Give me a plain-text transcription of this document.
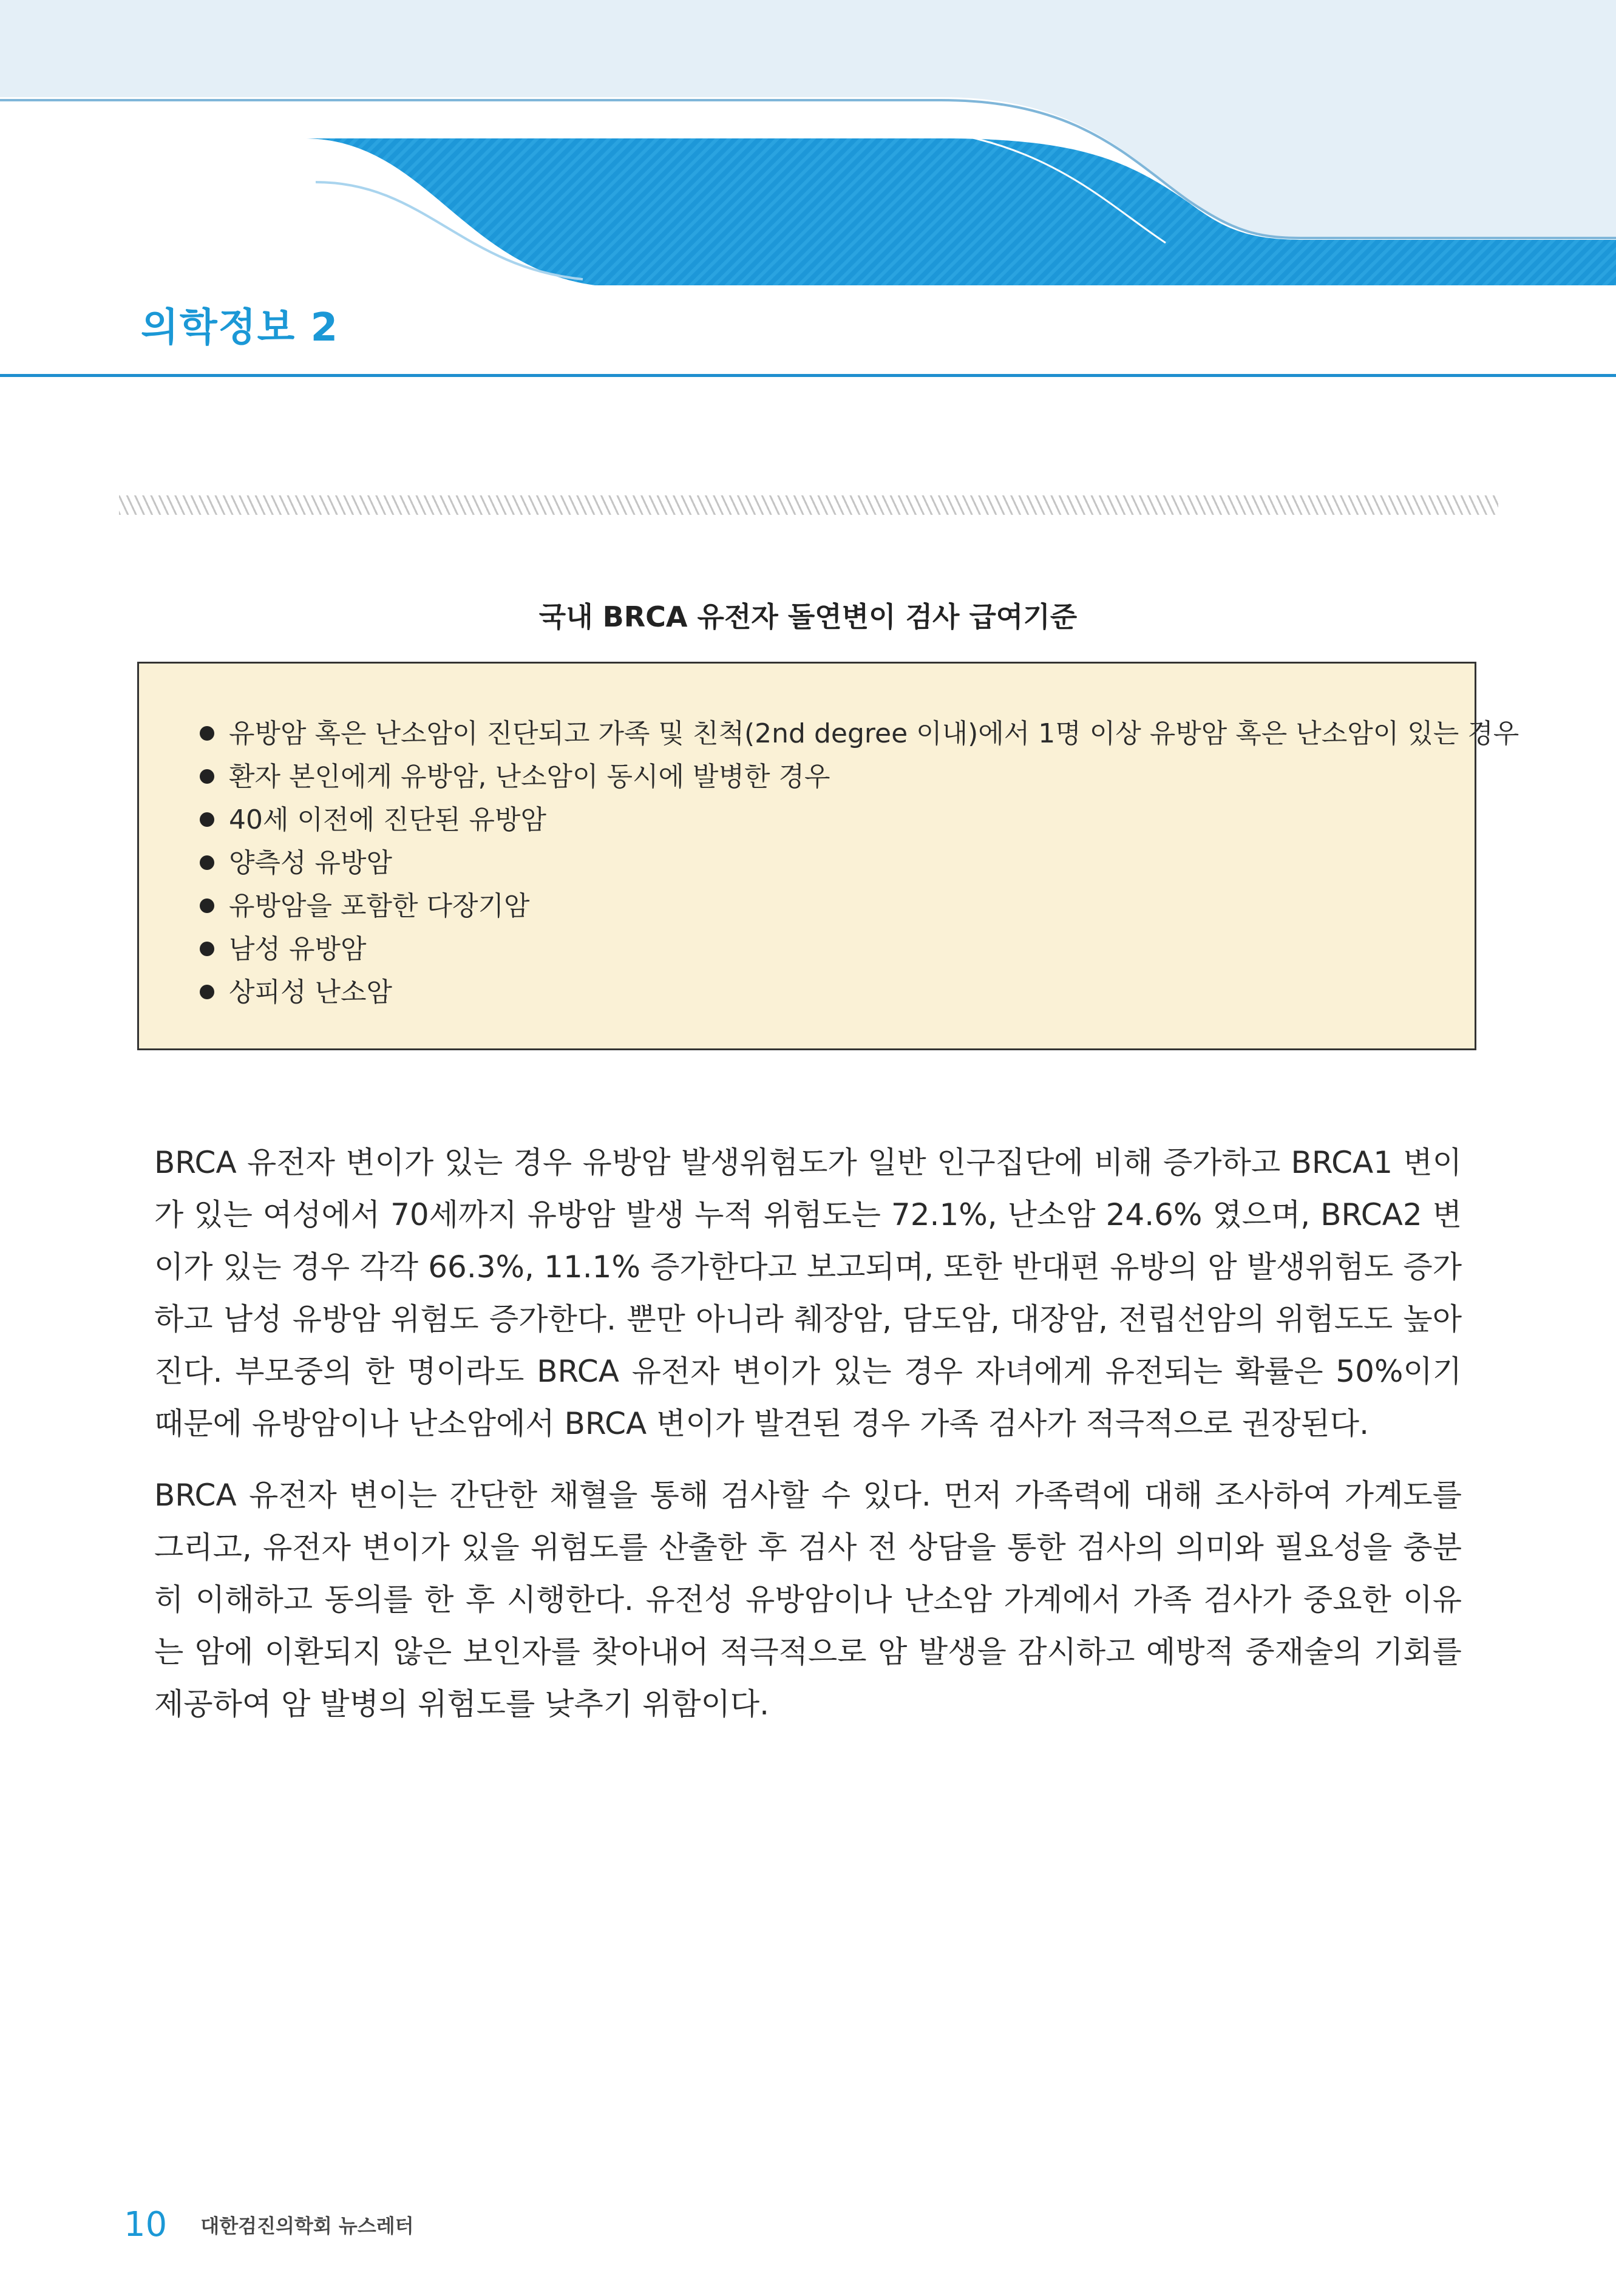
의학정보 2
국내 BRCA 유전자 돌연변이 검사 급여기준
유방암 혹은 난소암이 진단되고 가족 및 친척(2nd degree 이내)에서 1명 이상 유방암 혹은 난소암이 있는 경우
환자 본인에게 유방암, 난소암이 동시에 발병한 경우
40세 이전에 진단된 유방암
양측성 유방암
유방암을 포함한 다장기암
남성 유방암
상피성 난소암

BRCA 유전자 변이가 있는 경우 유방암 발생위험도가 일반 인구집단에 비해 증가하고 BRCA1 변이가 있는 여성에서 70세까지 유방암 발생 누적 위험도는 72.1%, 난소암 24.6% 였으며, BRCA2 변이가 있는 경우 각각 66.3%, 11.1% 증가한다고 보고되며, 또한 반대편 유방의 암 발생위험도 증가하고 남성 유방암 위험도 증가한다. 뿐만 아니라 췌장암, 담도암, 대장암, 전립선암의 위험도도 높아진다. 부모중의 한 명이라도 BRCA 유전자 변이가 있는 경우 자녀에게 유전되는 확률은 50%이기 때문에 유방암이나 난소암에서 BRCA 변이가 발견된 경우 가족 검사가 적극적으로 권장된다.

BRCA 유전자 변이는 간단한 채혈을 통해 검사할 수 있다. 먼저 가족력에 대해 조사하여 가계도를 그리고, 유전자 변이가 있을 위험도를 산출한 후 검사 전 상담을 통한 검사의 의미와 필요성을 충분히 이해하고 동의를 한 후 시행한다. 유전성 유방암이나 난소암 가계에서 가족 검사가 중요한 이유는 암에 이환되지 않은 보인자를 찾아내어 적극적으로 암 발생을 감시하고 예방적 중재술의 기회를 제공하여 암 발병의 위험도를 낮추기 위함이다.

10 대한검진의학회 뉴스레터
